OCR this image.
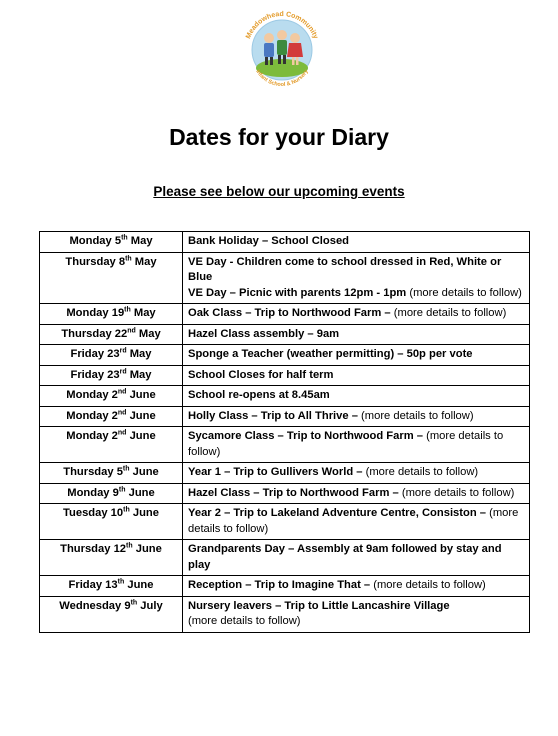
Meadowhead Community
Infant School & Nursery
Dates for your Diary

Please see below our upcoming events

Monday 5th May	Bank Holiday – School Closed

Thursday 8th May	VE Day - Children come to school dressed in Red, White or Blue
VE Day – Picnic with parents 12pm - 1pm (more details to follow)

Monday 19th May	Oak Class – Trip to Northwood Farm – (more details to follow)

Thursday 22nd May	Hazel Class assembly – 9am

Friday 23rd May	Sponge a Teacher (weather permitting) – 50p per vote

Friday 23rd May	School Closes for half term

Monday 2nd June	School re-opens at 8.45am

Monday 2nd June	Holly Class – Trip to All Thrive – (more details to follow)

Monday 2nd June	Sycamore Class – Trip to Northwood Farm – (more details to follow)

Thursday 5th June	Year 1 – Trip to Gullivers World – (more details to follow)

Monday 9th June	Hazel Class – Trip to Northwood Farm – (more details to follow)

Tuesday 10th June	Year 2 – Trip to Lakeland Adventure Centre, Consiston – (more details to follow)

Thursday 12th June	Grandparents Day – Assembly at 9am followed by stay and play

Friday 13th June	Reception – Trip to Imagine That – (more details to follow)

Wednesday 9th July	Nursery leavers – Trip to Little Lancashire Village
(more details to follow)
